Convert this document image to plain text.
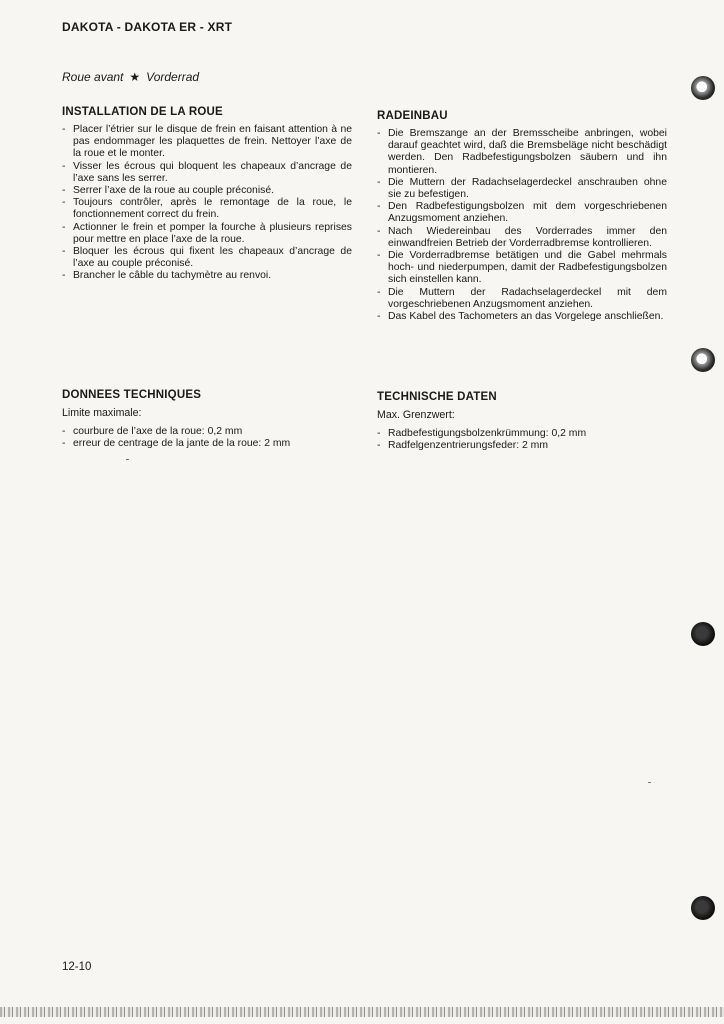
DAKOTA - DAKOTA ER - XRT
Roue avant ★ Vorderrad
INSTALLATION DE LA ROUE
- Placer l’étrier sur le disque de frein en faisant attention à ne pas endommager les plaquettes de frein. Nettoyer l’axe de la roue et le monter.
- Visser les écrous qui bloquent les chapeaux d’ancrage de l’axe sans les serrer.
- Serrer l’axe de la roue au couple préconisé.
- Toujours contrôler, après le remontage de la roue, le fonctionnement correct du frein.
- Actionner le frein et pomper la fourche à plusieurs reprises pour mettre en place l’axe de la roue.
- Bloquer les écrous qui fixent les chapeaux d’ancrage de l’axe au couple préconisé.
- Brancher le câble du tachymètre au renvoi.
RADEINBAU
- Die Bremszange an der Bremsscheibe anbringen, wobei darauf geachtet wird, daß die Bremsbeläge nicht beschädigt werden. Den Radbefestigungsbolzen säubern und ihn montieren.
- Die Muttern der Radachselagerdeckel anschrauben ohne sie zu befestigen.
- Den Radbefestigungsbolzen mit dem vorgeschriebenen Anzugsmoment anziehen.
- Nach Wiedereinbau des Vorderrades immer den einwandfreien Betrieb der Vorderradbremse kontrollieren.
- Die Vorderradbremse betätigen und die Gabel mehrmals hoch- und niederpumpen, damit der Radbefestigungsbolzen sich einstellen kann.
- Die Muttern der Radachselagerdeckel mit dem vorgeschriebenen Anzugsmoment anziehen.
- Das Kabel des Tachometers an das Vorgelege anschließen.
DONNEES TECHNIQUES
Limite maximale:
- courbure de l’axe de la roue: 0,2 mm
- erreur de centrage de la jante de la roue: 2 mm
TECHNISCHE DATEN
Max. Grenzwert:
- Radbefestigungsbolzenkrümmung: 0,2 mm
- Radfelgenzentrierungsfeder: 2 mm
12-10
